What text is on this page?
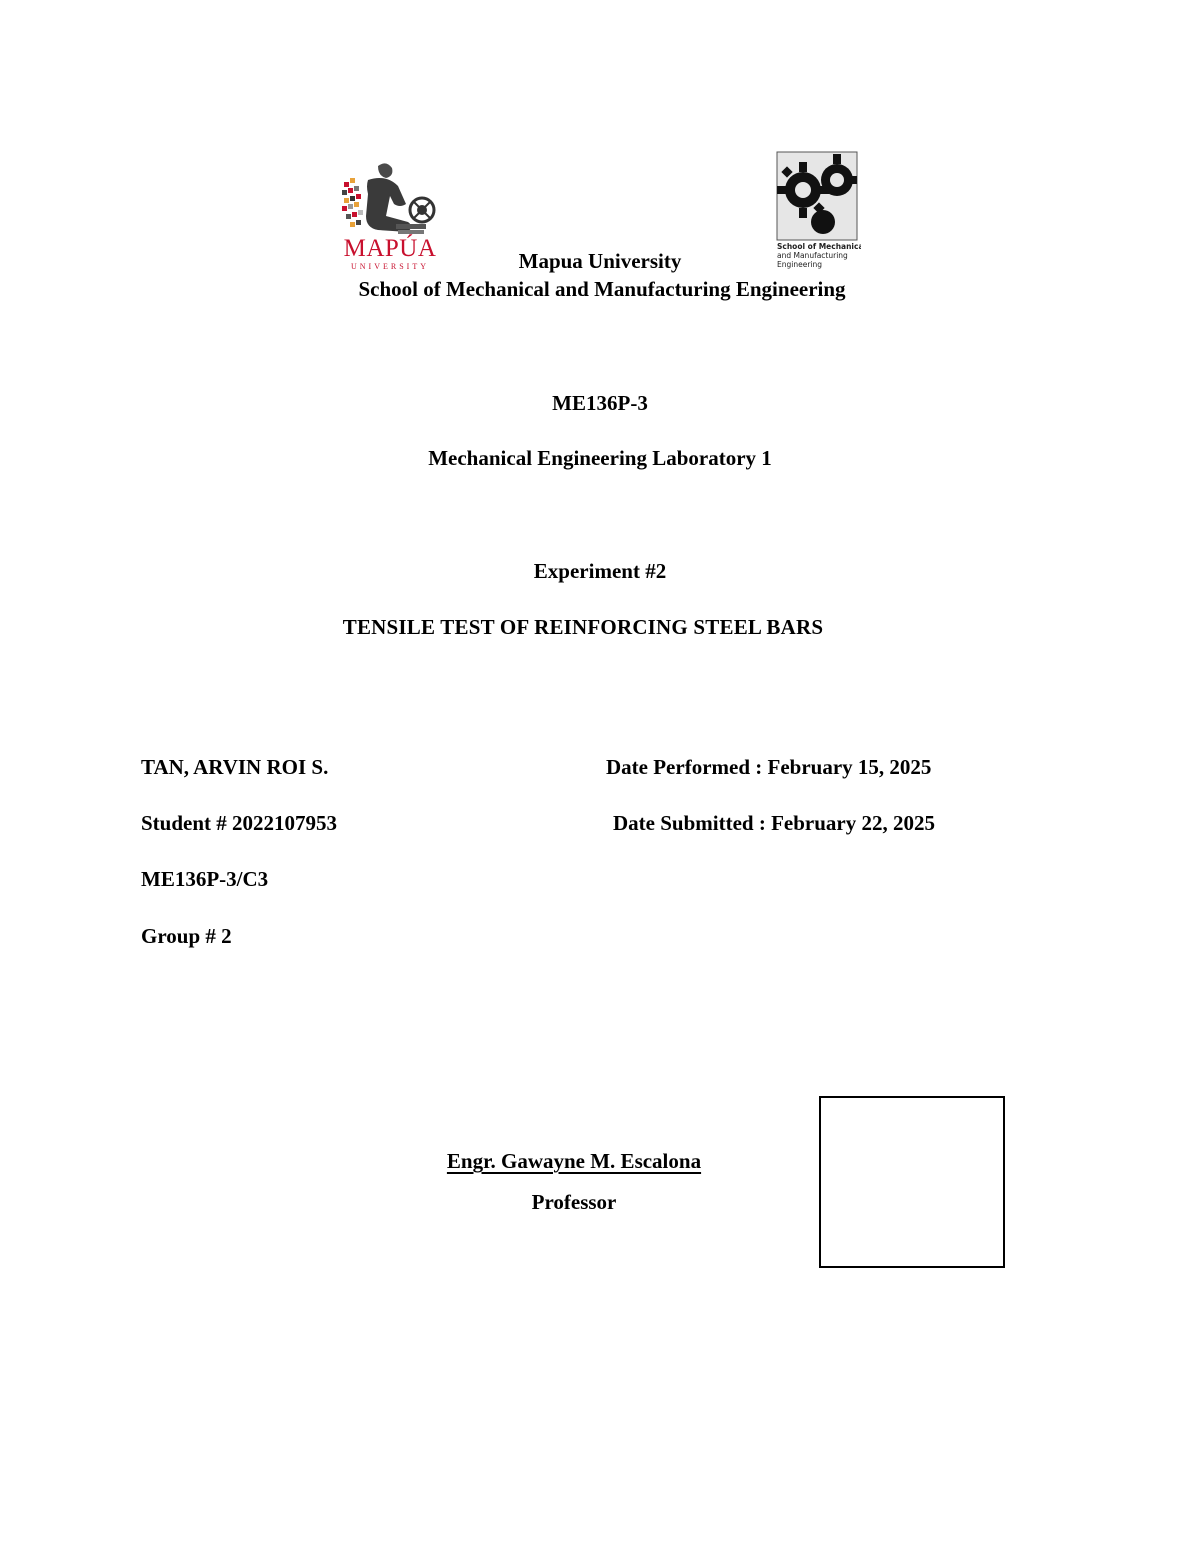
MAPÚA
UNIVERSITY
School of Mechanical
and Manufacturing
Engineering
Mapua University
School of Mechanical and Manufacturing Engineering
ME136P-3
Mechanical Engineering Laboratory 1
Experiment #2
TENSILE TEST OF REINFORCING STEEL BARS
TAN, ARVIN ROI S.
Student # 2022107953
ME136P-3/C3
Group # 2
Date Performed : February 15, 2025
Date Submitted : February 22, 2025
Engr. Gawayne M. Escalona
Professor
